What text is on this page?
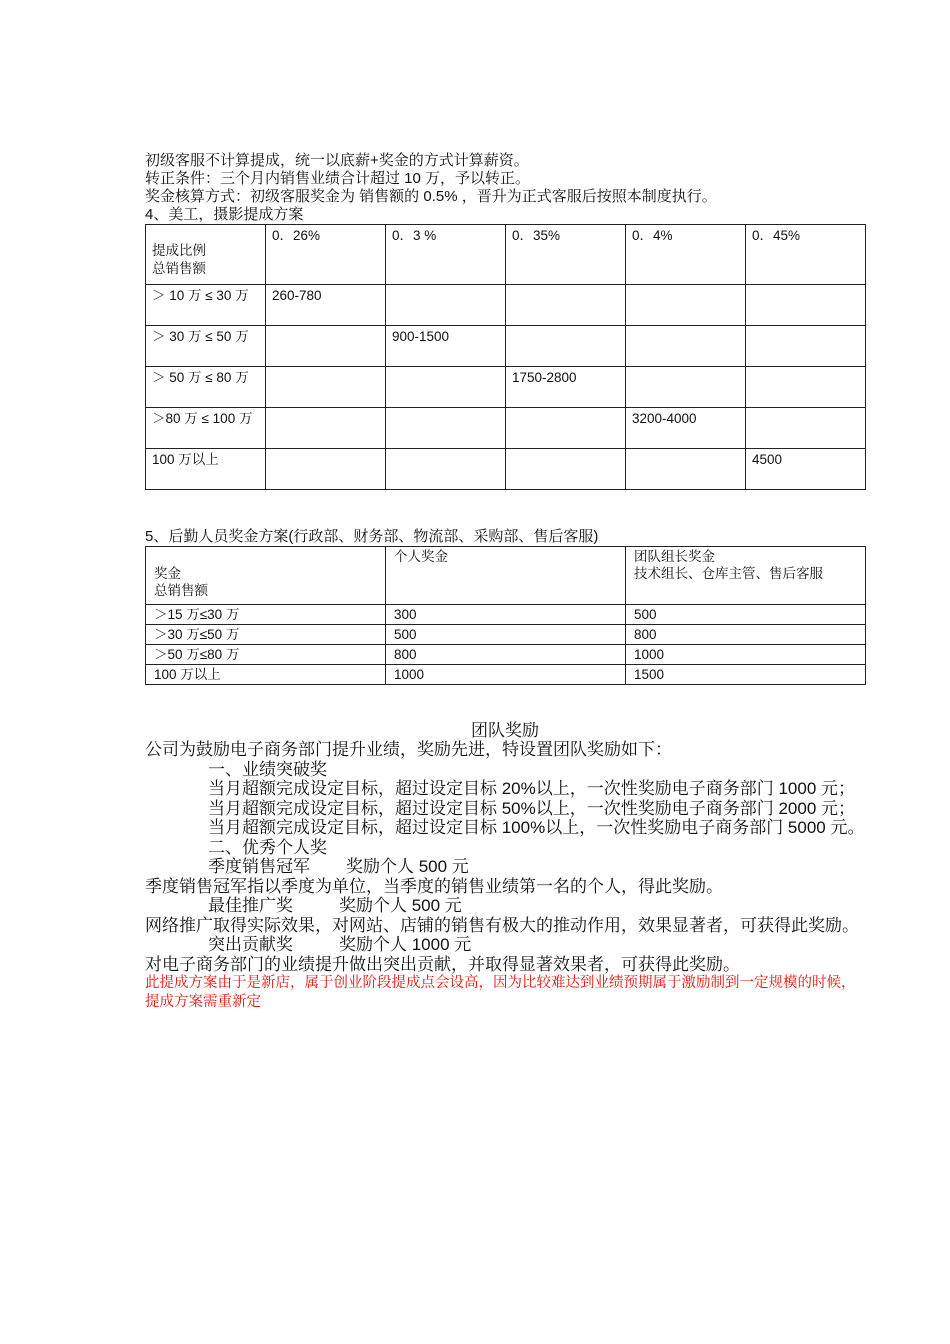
初级客服不计算提成，统一以底薪+奖金的方式计算薪资。

转正条件：三个月内销售业绩合计超过 10 万，予以转正。

奖金核算方式：初级客服奖金为 销售额的 0.5% ，晋升为正式客服后按照本制度执行。

4、美工，摄影提成方案

提成比例
总销售额	0．26%	0．3 %	0．35%	0．4%	0．45%
＞ 10 万 ≤ 30 万	260-780				
＞ 30 万 ≤ 50 万		900-1500			
＞ 50 万 ≤ 80 万			1750-2800		
＞80 万 ≤ 100 万				3200-4000	
100 万以上					4500

5、后勤人员奖金方案(行政部、财务部、物流部、采购部、售后客服)

奖金
总销售额	个人奖金	团队组长奖金
技术组长、仓库主管、售后客服

＞15 万≤30 万	300	500
＞30 万≤50 万	500	800
＞50 万≤80 万	800	1000
100 万以上	1000	1500

团队奖励

公司为鼓励电子商务部门提升业绩，奖励先进，特设置团队奖励如下：

一、业绩突破奖

当月超额完成设定目标，超过设定目标 20%以上，一次性奖励电子商务部门 1000 元；

当月超额完成设定目标，超过设定目标 50%以上，一次性奖励电子商务部门 2000 元；

当月超额完成设定目标，超过设定目标 100%以上，一次性奖励电子商务部门 5000 元。

二、优秀个人奖

季度销售冠军 奖励个人 500 元

季度销售冠军指以季度为单位，当季度的销售业绩第一名的个人，得此奖励。

最佳推广奖	奖励个人 500 元

网络推广取得实际效果，对网站、店铺的销售有极大的推动作用，效果显著者，可获得此奖励。

突出贡献奖	奖励个人 1000 元

对电子商务部门的业绩提升做出突出贡献，并取得显著效果者，可获得此奖励。

此提成方案由于是新店，属于创业阶段提成点会设高，因为比较难达到业绩预期属于激励制到一定规模的时候，提成方案需重新定
